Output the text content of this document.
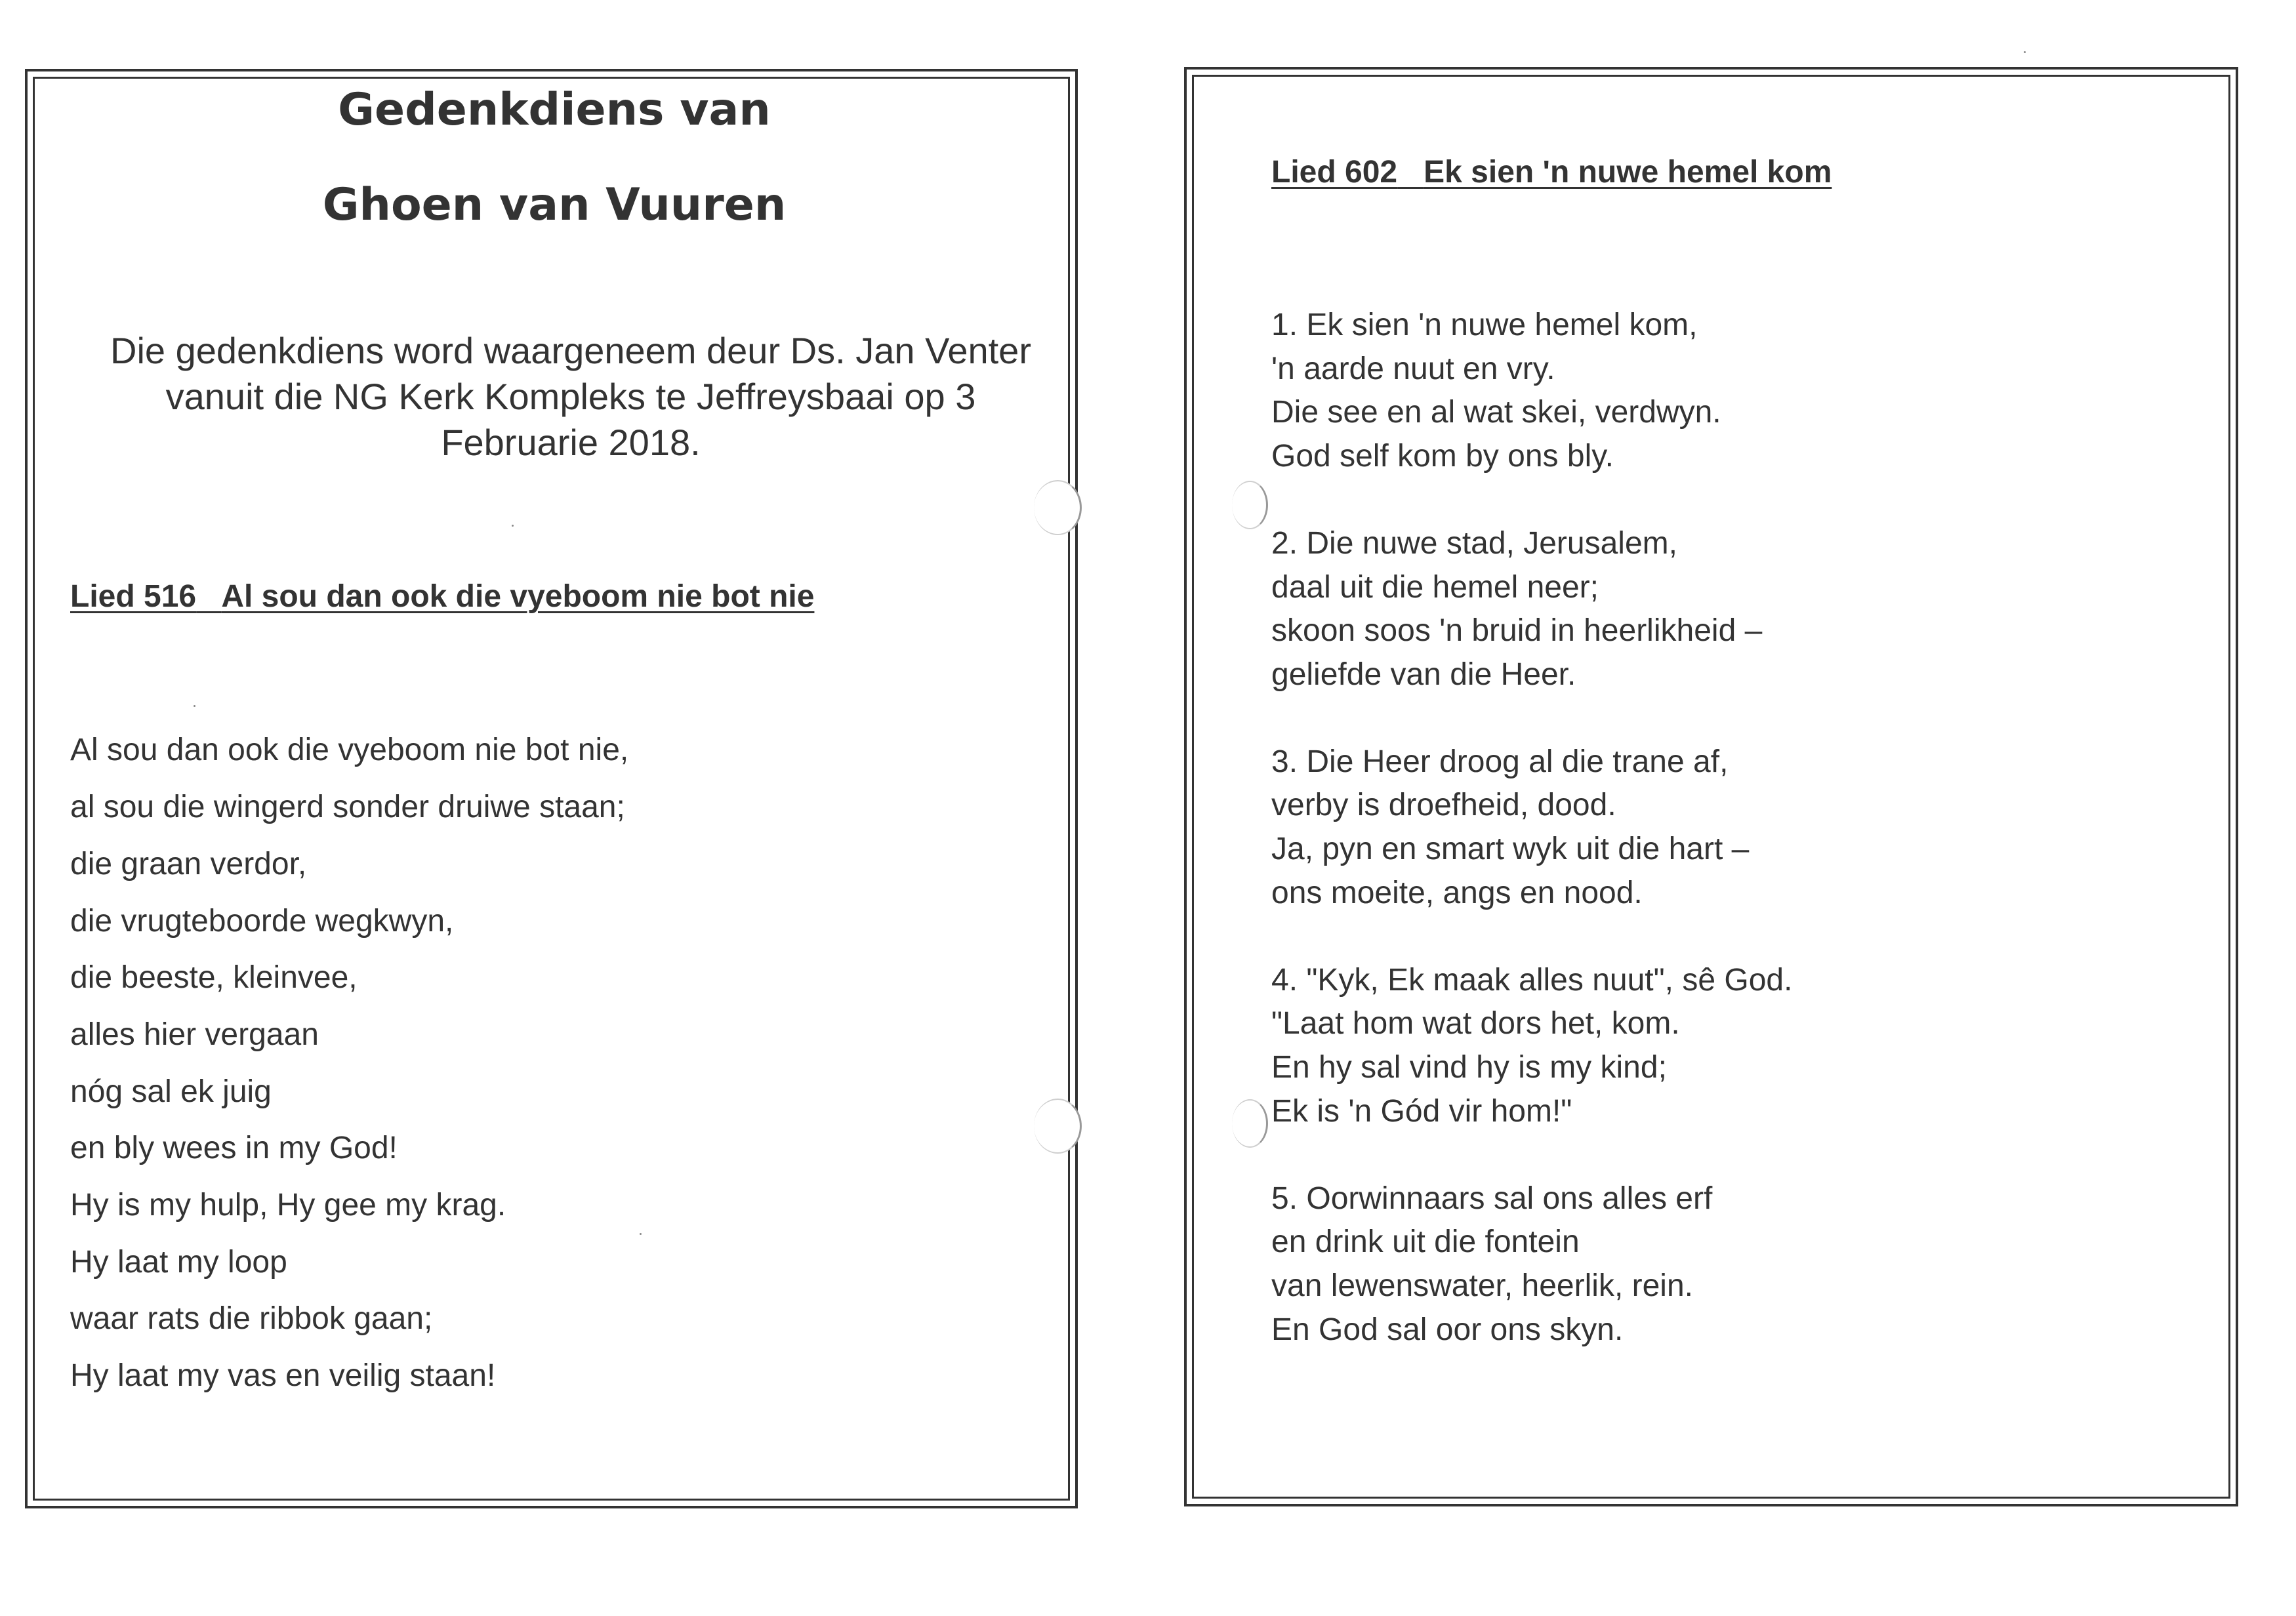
Gedenkdiens van
Ghoen van Vuuren
Die gedenkdiens word waargeneem deur Ds. Jan Venter
vanuit die NG Kerk Kompleks te Jeffreysbaai op 3
Februarie 2018.
Lied 516 Al sou dan ook die vyeboom nie bot nie
Al sou dan ook die vyeboom nie bot nie,
al sou die wingerd sonder druiwe staan;
die graan verdor,
die vrugteboorde wegkwyn,
die beeste, kleinvee,
alles hier vergaan
nóg sal ek juig
en bly wees in my God!
Hy is my hulp, Hy gee my krag.
Hy laat my loop
waar rats die ribbok gaan;
Hy laat my vas en veilig staan!
Lied 602 Ek sien 'n nuwe hemel kom
1. Ek sien 'n nuwe hemel kom,
'n aarde nuut en vry.
Die see en al wat skei, verdwyn.
God self kom by ons bly.
2. Die nuwe stad, Jerusalem,
daal uit die hemel neer;
skoon soos 'n bruid in heerlikheid –
geliefde van die Heer.
3. Die Heer droog al die trane af,
verby is droefheid, dood.
Ja, pyn en smart wyk uit die hart –
ons moeite, angs en nood.
4. "Kyk, Ek maak alles nuut", sê God.
"Laat hom wat dors het, kom.
En hy sal vind hy is my kind;
Ek is 'n Gód vir hom!"
5. Oorwinnaars sal ons alles erf
en drink uit die fontein
van lewenswater, heerlik, rein.
En God sal oor ons skyn.
